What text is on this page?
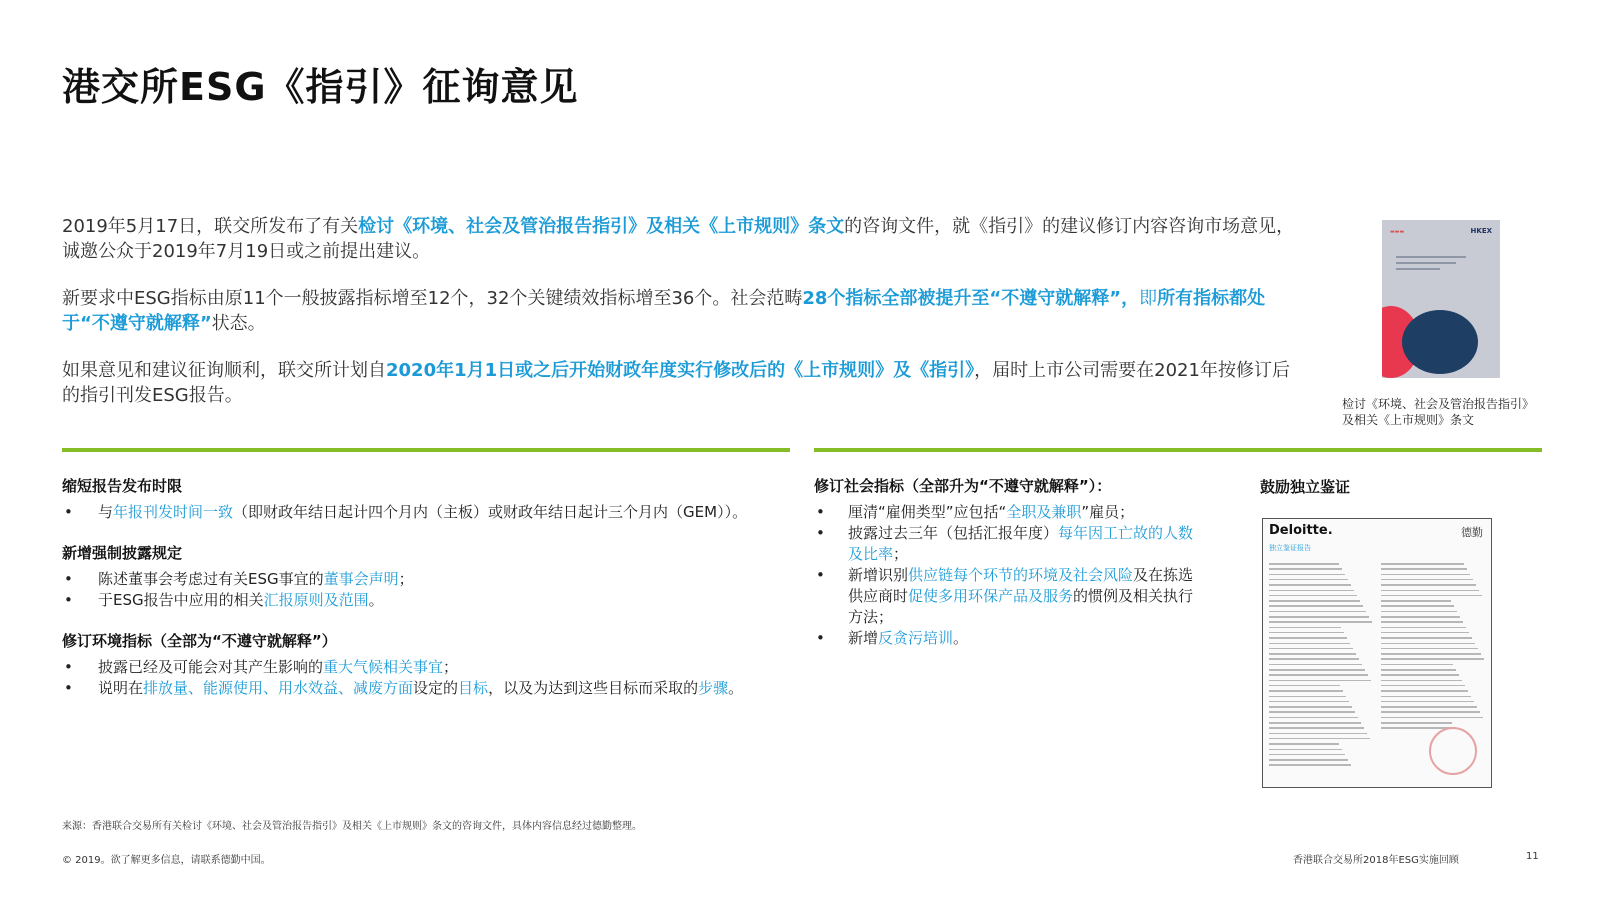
港交所ESG《指引》征询意见

2019年5月17日，联交所发布了有关检讨《环境、社会及管治报告指引》及相关《上市规则》条文的咨询文件，就《指引》的建议修订内容咨询市场意见，诚邀公众于2019年7月19日或之前提出建议。

新要求中ESG指标由原11个一般披露指标增至12个，32个关键绩效指标增至36个。社会范畴28个指标全部被提升至“不遵守就解释”，即所有指标都处于“不遵守就解释”状态。

如果意见和建议征询顺利，联交所计划自2020年1月1日或之后开始财政年度实行修改后的《上市规则》及《指引》，届时上市公司需要在2021年按修订后的指引刊发ESG报告。

▬▬▬	HKEX
检讨《环境、社会及管治报告指引》
及相关《上市规则》条文
缩短报告发布时限
• 与年报刊发时间一致（即财政年结日起计四个月内（主板）或财政年结日起计三个月内（GEM））。
新增强制披露规定
• 陈述董事会考虑过有关ESG事宜的董事会声明；
• 于ESG报告中应用的相关汇报原则及范围。
修订环境指标（全部为“不遵守就解释”）
• 披露已经及可能会对其产生影响的重大气候相关事宜；
• 说明在排放量、能源使用、用水效益、减废方面设定的目标，以及为达到这些目标而采取的步骤。
修订社会指标（全部升为“不遵守就解释”）：
• 厘清“雇佣类型”应包括“全职及兼职”雇员；
• 披露过去三年（包括汇报年度）每年因工亡故的人数及比率；
• 新增识别供应链每个环节的环境及社会风险及在拣选供应商时促使多用环保产品及服务的惯例及相关执行方法；
• 新增反贪污培训。
鼓励独立鉴证
Deloitte.	德勤
独立鉴证报告
来源：香港联合交易所有关检讨《环境、社会及管治报告指引》及相关《上市规则》条文的咨询文件，具体内容信息经过德勤整理。
© 2019。欲了解更多信息，请联系德勤中国。	香港联合交易所2018年ESG实施回顾	11
